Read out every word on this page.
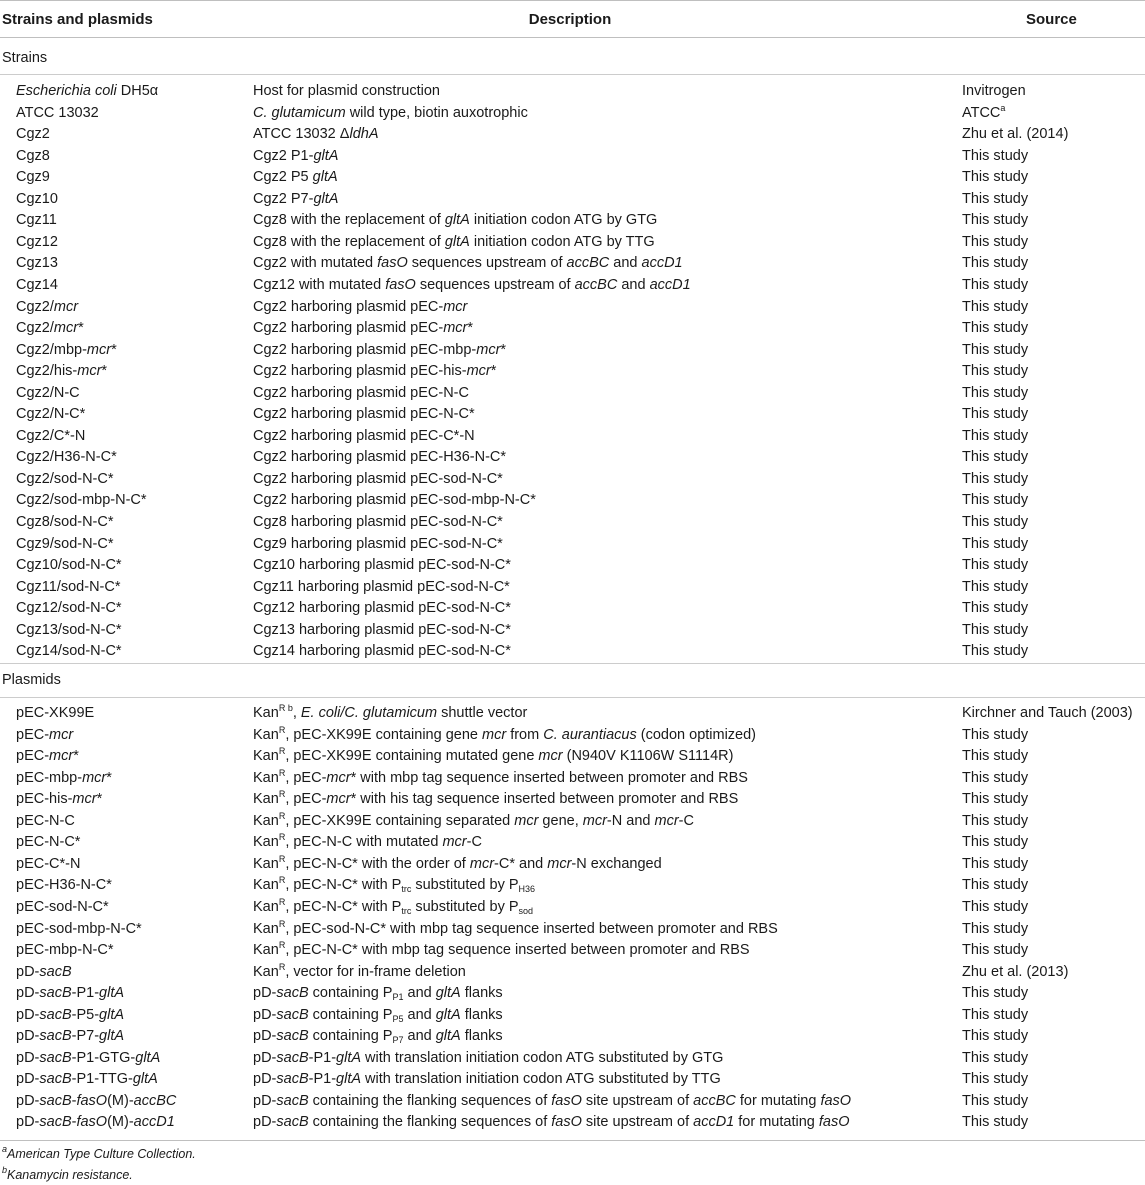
Strains and plasmids	Description	Source
Strains
Escherichia coli DH5α	Host for plasmid construction	Invitrogen
ATCC 13032	C. glutamicum wild type, biotin auxotrophic	ATCC$^a$
Cgz2	ATCC 13032 ΔldhA	Zhu et al. (2014)
Cgz8	Cgz2 P1-gltA	This study
Cgz9	Cgz2 P5 gltA	This study
Cgz10	Cgz2 P7-gltA	This study
Cgz11	Cgz8 with the replacement of gltA initiation codon ATG by GTG	This study
Cgz12	Cgz8 with the replacement of gltA initiation codon ATG by TTG	This study
Cgz13	Cgz2 with mutated fasO sequences upstream of accBC and accD1	This study
Cgz14	Cgz12 with mutated fasO sequences upstream of accBC and accD1	This study
Cgz2/mcr	Cgz2 harboring plasmid pEC-mcr	This study
Cgz2/mcr*	Cgz2 harboring plasmid pEC-mcr*	This study
Cgz2/mbp-mcr*	Cgz2 harboring plasmid pEC-mbp-mcr*	This study
Cgz2/his-mcr*	Cgz2 harboring plasmid pEC-his-mcr*	This study
Cgz2/N-C	Cgz2 harboring plasmid pEC-N-C	This study
Cgz2/N-C*	Cgz2 harboring plasmid pEC-N-C*	This study
Cgz2/C*-N	Cgz2 harboring plasmid pEC-C*-N	This study
Cgz2/H36-N-C*	Cgz2 harboring plasmid pEC-H36-N-C*	This study
Cgz2/sod-N-C*	Cgz2 harboring plasmid pEC-sod-N-C*	This study
Cgz2/sod-mbp-N-C*	Cgz2 harboring plasmid pEC-sod-mbp-N-C*	This study
Cgz8/sod-N-C*	Cgz8 harboring plasmid pEC-sod-N-C*	This study
Cgz9/sod-N-C*	Cgz9 harboring plasmid pEC-sod-N-C*	This study
Cgz10/sod-N-C*	Cgz10 harboring plasmid pEC-sod-N-C*	This study
Cgz11/sod-N-C*	Cgz11 harboring plasmid pEC-sod-N-C*	This study
Cgz12/sod-N-C*	Cgz12 harboring plasmid pEC-sod-N-C*	This study
Cgz13/sod-N-C*	Cgz13 harboring plasmid pEC-sod-N-C*	This study
Cgz14/sod-N-C*	Cgz14 harboring plasmid pEC-sod-N-C*	This study
Plasmids
pEC-XK99E	Kan$^{R b}$, E. coli/C. glutamicum shuttle vector	Kirchner and Tauch (2003)
pEC-mcr	Kan$^R$, pEC-XK99E containing gene mcr from C. aurantiacus (codon optimized)	This study
pEC-mcr*	Kan$^R$, pEC-XK99E containing mutated gene mcr (N940V K1106W S1114R)	This study
pEC-mbp-mcr*	Kan$^R$, pEC-mcr* with mbp tag sequence inserted between promoter and RBS	This study
pEC-his-mcr*	Kan$^R$, pEC-mcr* with his tag sequence inserted between promoter and RBS	This study
pEC-N-C	Kan$^R$, pEC-XK99E containing separated mcr gene, mcr-N and mcr-C	This study
pEC-N-C*	Kan$^R$, pEC-N-C with mutated mcr-C	This study
pEC-C*-N	Kan$^R$, pEC-N-C* with the order of mcr-C* and mcr-N exchanged	This study
pEC-H36-N-C*	Kan$^R$, pEC-N-C* with $P_{trc}$ substituted by $P_{H36}$	This study
pEC-sod-N-C*	Kan$^R$, pEC-N-C* with $P_{trc}$ substituted by $P_{sod}$	This study
pEC-sod-mbp-N-C*	Kan$^R$, pEC-sod-N-C* with mbp tag sequence inserted between promoter and RBS	This study
pEC-mbp-N-C*	Kan$^R$, pEC-N-C* with mbp tag sequence inserted between promoter and RBS	This study
pD-sacB	Kan$^R$, vector for in-frame deletion	Zhu et al. (2013)
pD-sacB-P1-gltA	pD-sacB containing $P_{P1}$ and gltA flanks	This study
pD-sacB-P5-gltA	pD-sacB containing $P_{P5}$ and gltA flanks	This study
pD-sacB-P7-gltA	pD-sacB containing $P_{P7}$ and gltA flanks	This study
pD-sacB-P1-GTG-gltA	pD-sacB-P1-gltA with translation initiation codon ATG substituted by GTG	This study
pD-sacB-P1-TTG-gltA	pD-sacB-P1-gltA with translation initiation codon ATG substituted by TTG	This study
pD-sacB-fasO(M)-accBC	pD-sacB containing the flanking sequences of fasO site upstream of accBC for mutating fasO	This study
pD-sacB-fasO(M)-accD1	pD-sacB containing the flanking sequences of fasO site upstream of accD1 for mutating fasO	This study
$^a$American Type Culture Collection.
$^b$Kanamycin resistance.
